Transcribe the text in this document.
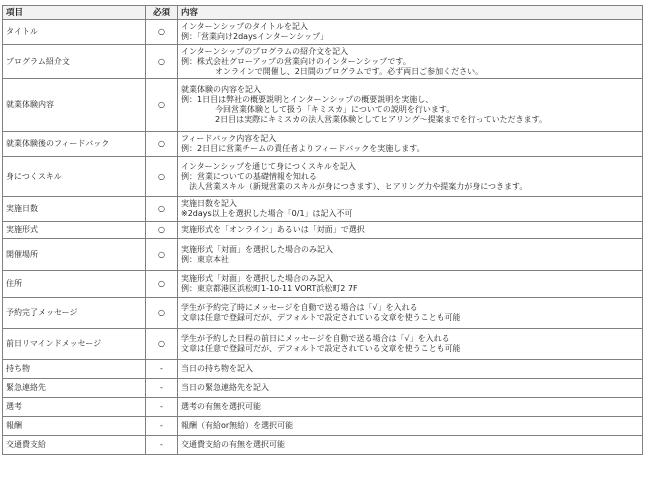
項目	必須	内容
タイトル	○	インターンシップのタイトルを記入
例：「営業向け2daysインターンシップ」

プログラム紹介文	○	インターンシップのプログラムの紹介文を記入
例：株式会社グローアップの営業向けのインターンシップです。
オンラインで開催し、2日間のプログラムです。必ず両日ご参加ください。

就業体験内容	○	就業体験の内容を記入
例：1日目は弊社の概要説明とインターンシップの概要説明を実施し、
今回営業体験として扱う「キミスカ」についての説明を行います。
2日目は実際にキミスカの法人営業体験としてヒアリング〜提案までを行っていただきます。

就業体験後のフィードバック	○	フィードバック内容を記入
例：2日目に営業チームの責任者よりフィードバックを実施します。

身につくスキル	○	インターンシップを通じて身につくスキルを記入
例：営業についての基礎情報を知れる
法人営業スキル（新規営業のスキルが身につきます）、ヒアリング力や提案力が身につきます。

実施日数	○	実施日数を記入
※2days以上を選択した場合「0/1」は記入不可

実施形式	○	実施形式を「オンライン」あるいは「対面」で選択

開催場所	○	実施形式「対面」を選択した場合のみ記入
例：東京本社

住所	○	実施形式「対面」を選択した場合のみ記入
例：東京都港区浜松町1-10-11 VORT浜松町2 7F

予約完了メッセージ	○	学生が予約完了時にメッセージを自動で送る場合は「√」を入れる
文章は任意で登録可だが、デフォルトで設定されている文章を使うことも可能

前日リマインドメッセージ	○	学生が予約した日程の前日にメッセージを自動で送る場合は「√」を入れる
文章は任意で登録可だが、デフォルトで設定されている文章を使うことも可能

持ち物	-	当日の持ち物を記入

緊急連絡先	-	当日の緊急連絡先を記入

選考	-	選考の有無を選択可能

報酬	-	報酬（有給or無給）を選択可能

交通費支給	-	交通費支給の有無を選択可能
